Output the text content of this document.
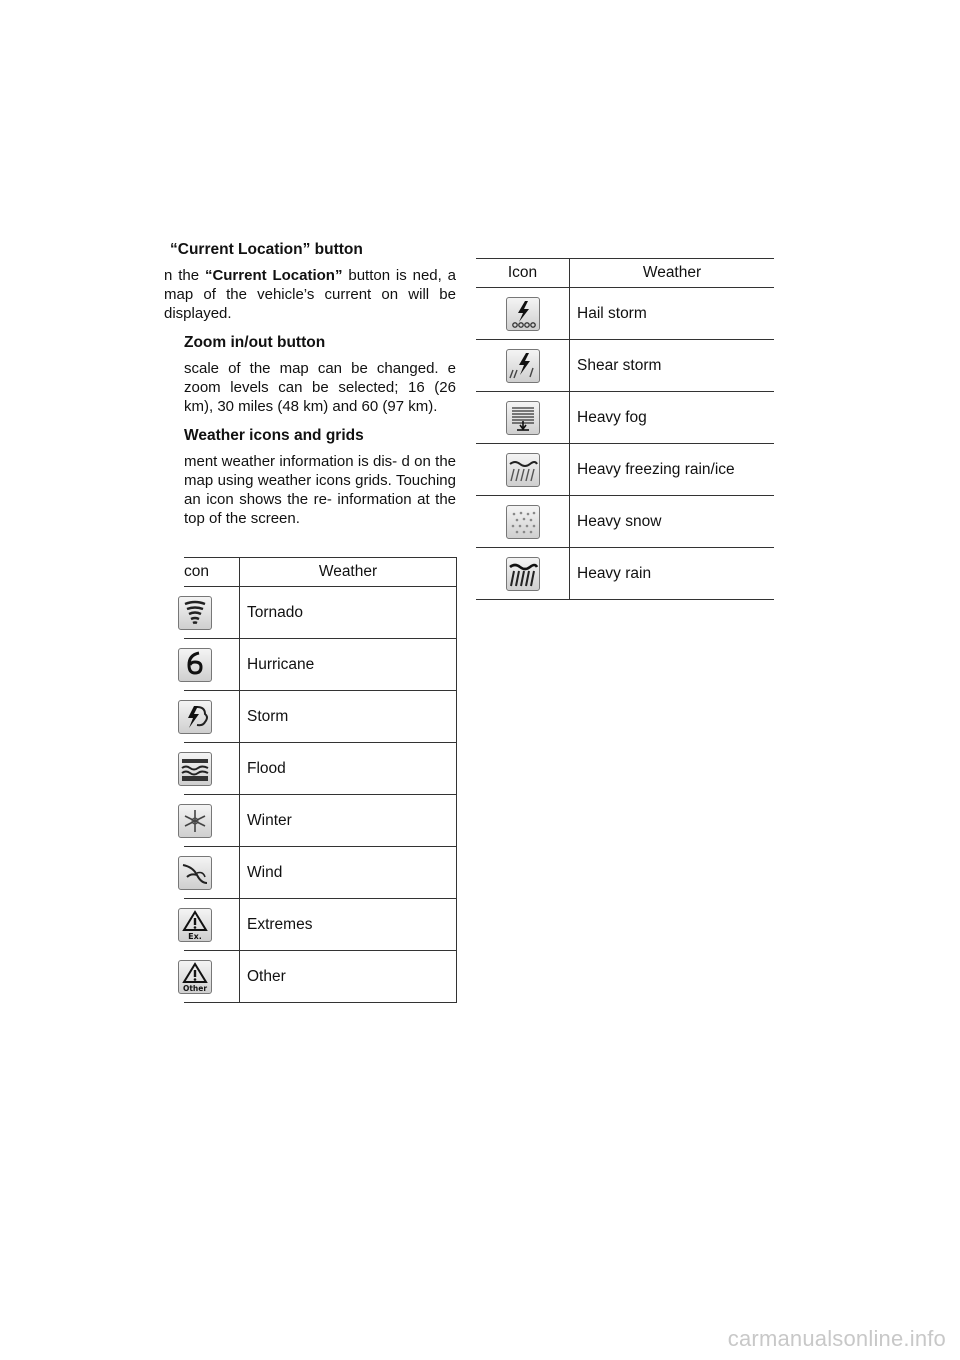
“Current Location” button

n the “Current Location” button is ned, a map of the vehicle’s current on will be displayed.

Zoom in/out button

scale of the map can be changed. e zoom levels can be selected; 16 (26 km), 30 miles (48 km) and 60 (97 km).

Weather icons and grids

ment weather information is dis- d on the map using weather icons grids. Touching an icon shows the re- information at the top of the screen.

con	Weather

	Tornado

	Hurricane

	Storm

	Flood

	Winter

	Wind

Ex.	Extremes

Other	Other
Icon	Weather

	Hail storm

	Shear storm

	Heavy fog

	Heavy freezing rain/ice

	Heavy snow

	Heavy rain
carmanualsonline.info
